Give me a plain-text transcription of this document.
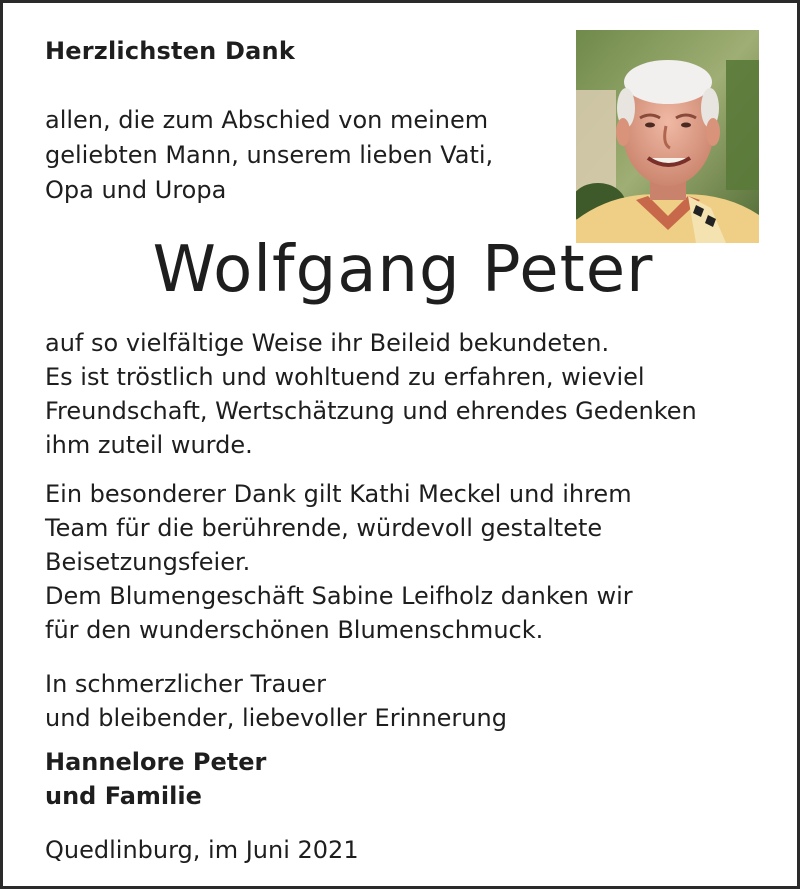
Herzlichsten Dank

allen, die zum Abschied von meinem
geliebten Mann, unserem lieben Vati,
Opa und Uropa

Wolfgang Peter

auf so vielfältige Weise ihr Beileid bekundeten.
Es ist tröstlich und wohltuend zu erfahren, wieviel
Freundschaft, Wertschätzung und ehrendes Gedenken
ihm zuteil wurde.

Ein besonderer Dank gilt Kathi Meckel und ihrem
Team für die berührende, würdevoll gestaltete
Beisetzungsfeier.
Dem Blumengeschäft Sabine Leifholz danken wir
für den wunderschönen Blumenschmuck.

In schmerzlicher Trauer
und bleibender, liebevoller Erinnerung

Hannelore Peter
und Familie

Quedlinburg, im Juni 2021
